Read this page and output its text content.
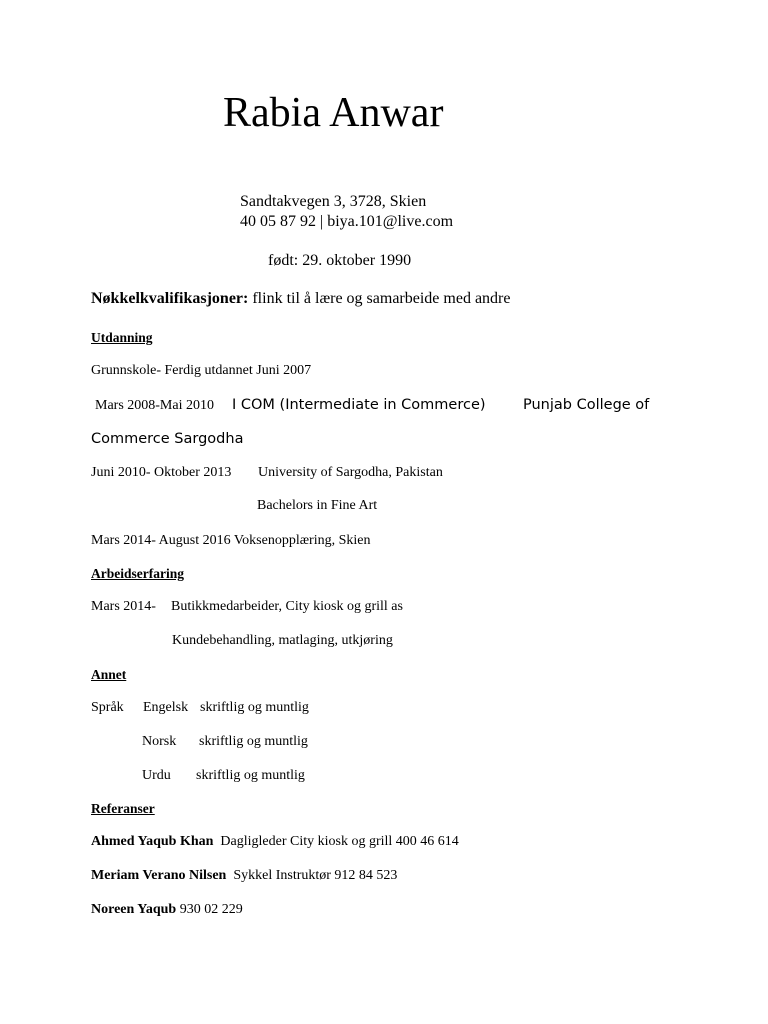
Rabia Anwar
Sandtakvegen 3, 3728, Skien
40 05 87 92 | biya.101@live.com
født: 29. oktober 1990
Nøkkelkvalifikasjoner: flink til å lære og samarbeide med andre
Utdanning
Grunnskole- Ferdig utdannet Juni 2007
Mars 2008-Mai 2010 I COM (Intermediate in Commerce)	Punjab College of
Commerce Sargodha
Juni 2010- Oktober 2013 University of Sargodha, Pakistan
Bachelors in Fine Art
Mars 2014- August 2016 Voksenopplæring, Skien
Arbeidserfaring
Mars 2014- Butikkmedarbeider, City kiosk og grill as
Kundebehandling, matlaging, utkjøring
Annet
Språk Engelsk skriftlig og muntlig
Norsk skriftlig og muntlig
Urdu skriftlig og muntlig
Referanser
Ahmed Yaqub Khan Dagligleder City kiosk og grill 400 46 614
Meriam Verano Nilsen Sykkel Instruktør 912 84 523
Noreen Yaqub 930 02 229
